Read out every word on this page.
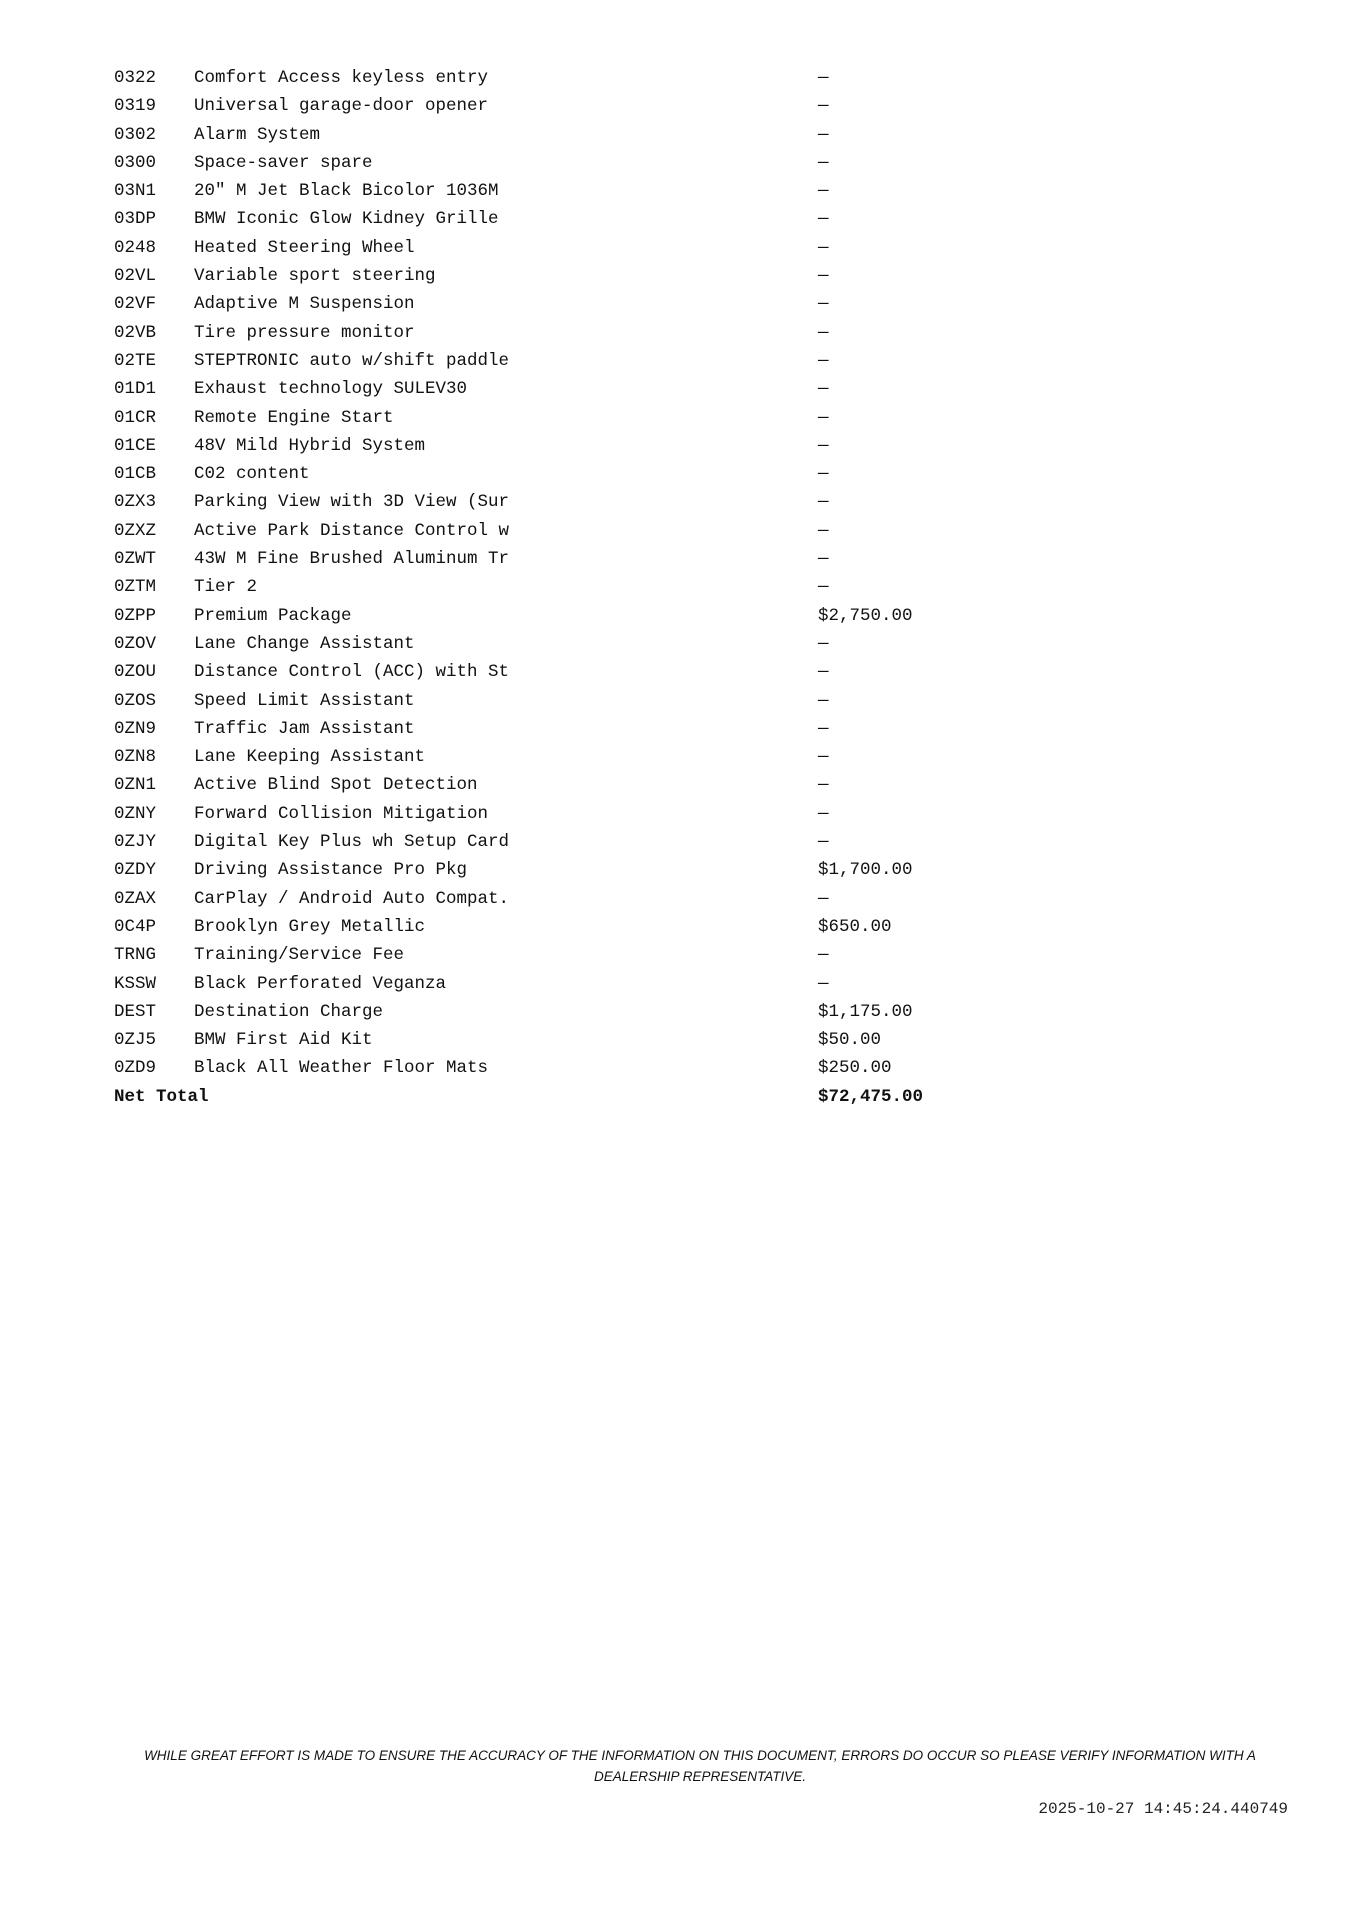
0322 Comfort Access keyless entry	—
0319 Universal garage-door opener	—
0302 Alarm System	—
0300 Space-saver spare	—
03N1 20" M Jet Black Bicolor 1036M	—
03DP BMW Iconic Glow Kidney Grille	—
0248 Heated Steering Wheel	—
02VL Variable sport steering	—
02VF Adaptive M Suspension	—
02VB Tire pressure monitor	—
02TE STEPTRONIC auto w/shift paddle	—
01D1 Exhaust technology SULEV30	—
01CR Remote Engine Start	—
01CE 48V Mild Hybrid System	—
01CB C02 content	—
0ZX3 Parking View with 3D View (Sur	—
0ZXZ Active Park Distance Control w	—
0ZWT 43W M Fine Brushed Aluminum Tr	—
0ZTM Tier 2	—
0ZPP Premium Package	$2,750.00
0ZOV Lane Change Assistant	—
0ZOU Distance Control (ACC) with St	—
0ZOS Speed Limit Assistant	—
0ZN9 Traffic Jam Assistant	—
0ZN8 Lane Keeping Assistant	—
0ZN1 Active Blind Spot Detection	—
0ZNY Forward Collision Mitigation	—
0ZJY Digital Key Plus wh Setup Card	—
0ZDY Driving Assistance Pro Pkg	$1,700.00
0ZAX CarPlay / Android Auto Compat.	—
0C4P Brooklyn Grey Metallic	$650.00
TRNG Training/Service Fee	—
KSSW Black Perforated Veganza	—
DEST Destination Charge	$1,175.00
0ZJ5 BMW First Aid Kit	$50.00
0ZD9 Black All Weather Floor Mats	$250.00
Net Total	$72,475.00
WHILE GREAT EFFORT IS MADE TO ENSURE THE ACCURACY OF THE INFORMATION ON THIS DOCUMENT, ERRORS DO OCCUR SO PLEASE VERIFY INFORMATION WITH A DEALERSHIP REPRESENTATIVE.
2025-10-27 14:45:24.440749
